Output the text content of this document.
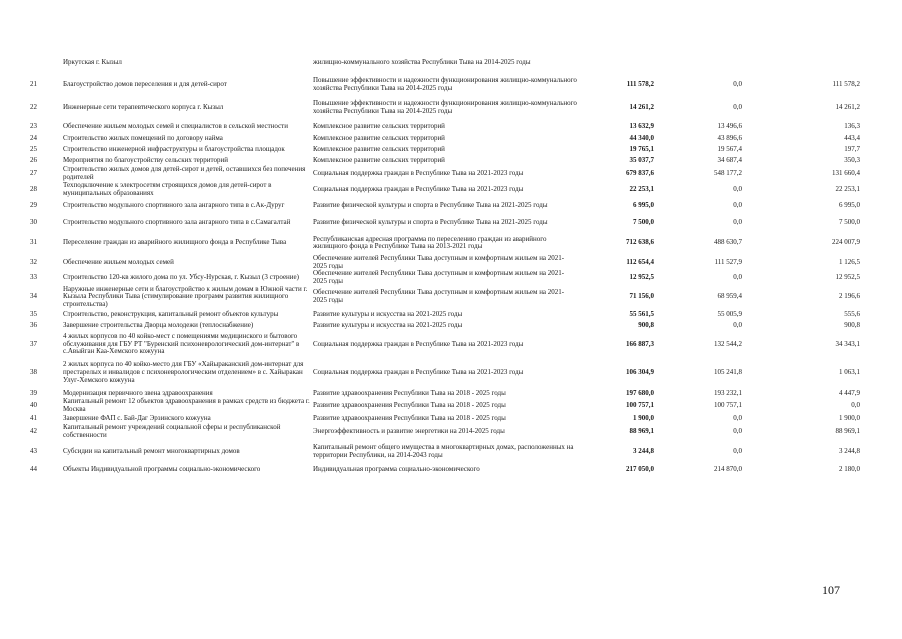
	Иркутская г. Кызыл	жилищно-коммунального хозяйства Республики Тыва на 2014-2025 годы			
21	Благоустройство домов переселения и для детей-сирот	Повышение эффективности и надежности функционирования жилищно-коммунального хозяйства Республики Тыва на 2014-2025 годы	111 578,2	0,0	111 578,2
22	Инженерные сети терапевтического корпуса г. Кызыл	Повышение эффективности и надежности функционирования жилищно-коммунального хозяйства Республики Тыва на 2014-2025 годы	14 261,2	0,0	14 261,2
23	Обеспечение жильем молодых семей и специалистов в сельской местности	Комплексное развитие сельских территорий	13 632,9	13 496,6	136,3
24	Строительство жилых помещений по договору найма	Комплексное развитие сельских территорий	44 340,0	43 896,6	443,4
25	Строительство инженерной инфраструктуры и благоустройства площадок	Комплексное развитие сельских территорий	19 765,1	19 567,4	197,7
26	Мероприятия по благоустройству сельских территорий	Комплексное развитие сельских территорий	35 037,7	34 687,4	350,3
27	Строительство жилых домов для детей-сирот и детей, оставшихся без попечения родителей	Социальная поддержка граждан в Республике Тыва на 2021-2023 годы	679 837,6	548 177,2	131 660,4
28	Техподключение к электросетям строящихся домов для детей-сирот в муниципальных образованиях	Социальная поддержка граждан в Республике Тыва на 2021-2023 годы	22 253,1	0,0	22 253,1
29	Строительство модульного спортивного зала ангарного типа в с.Ак-Дуруг	Развитие физической культуры и спорта в Республике Тыва на 2021-2025 годы	6 995,0	0,0	6 995,0
30	Строительство модульного спортивного зала ангарного типа в с.Самагалтай	Развитие физической культуры и спорта в Республике Тыва на 2021-2025 годы	7 500,0	0,0	7 500,0
31	Переселение граждан из аварийного жилищного фонда в Республике Тыва	Республиканская адресная программа по переселению граждан из аварийного жилищного фонда в Республике Тыва на 2013-2021 годы	712 638,6	488 630,7	224 007,9
32	Обеспечение жильем молодых семей	Обеспечение жителей Республики Тыва доступным и комфортным жильем на 2021-2025 годы	112 654,4	111 527,9	1 126,5
33	Строительство 120-кв жилого дома по ул. Убсу-Нурская, г. Кызыл (3 строение)	Обеспечение жителей Республики Тыва доступным и комфортным жильем на 2021-2025 годы	12 952,5	0,0	12 952,5
34	Наружные инженерные сети и благоустройство к жилым домам в Южной части г. Кызыла Республики Тыва (стимулирование программ развития жилищного строительства)	Обеспечение жителей Республики Тыва доступным и комфортным жильем на 2021-2025 годы	71 156,0	68 959,4	2 196,6
35	Строительство, реконструкция, капитальный ремонт объектов культуры	Развитие культуры и искусства на 2021-2025 годы	55 561,5	55 005,9	555,6
36	Завершение строительства Дворца молодежи (теплоснабжение)	Развитие культуры и искусства на 2021-2025 годы	900,8	0,0	900,8
37	4 жилых корпусов по 40 койко-мест с помещениями медицинского и бытового обслуживания для ГБУ РТ "Буренский психоневрологический дом-интернат" в с.Авыйган Каа-Хемского кожууна	Социальная поддержка граждан в Республике Тыва на 2021-2023 годы	166 887,3	132 544,2	34 343,1
38	2 жилых корпуса по 40 койко-место для ГБУ «Хайыраканский дом-интернат для престарелых и инвалидов с психоневрологическим отделением» в с. Хайыракан Улуг-Хемского кожууна	Социальная поддержка граждан в Республике Тыва на 2021-2023 годы	106 304,9	105 241,8	1 063,1
39	Модернизация первичного звена здравоохранения	Развитие здравоохранения Республики Тыва на 2018 - 2025 годы	197 680,0	193 232,1	4 447,9
40	Капитальный ремонт 12 объектов здравоохранения в рамках средств из бюджета г. Москва	Развитие здравоохранения Республики Тыва на 2018 - 2025 годы	100 757,1	100 757,1	0,0
41	Завершение ФАП с. Бай-Даг Эрзинского кожууна	Развитие здравоохранения Республики Тыва на 2018 - 2025 годы	1 900,0	0,0	1 900,0
42	Капитальный ремонт учреждений социальной сферы и республиканской собственности	Энергоэффективность и развитие энергетики на 2014-2025 годы	88 969,1	0,0	88 969,1
43	Субсидии на капитальный ремонт многоквартирных домов	Капитальный ремонт общего имущества в многоквартирных домах, расположенных на территории Республики, на 2014-2043 годы	3 244,8	0,0	3 244,8
44	Объекты Индивидуальной программы социально-экономического	Индивидуальная программа социально-экономического	217 050,0	214 870,0	2 180,0
107
